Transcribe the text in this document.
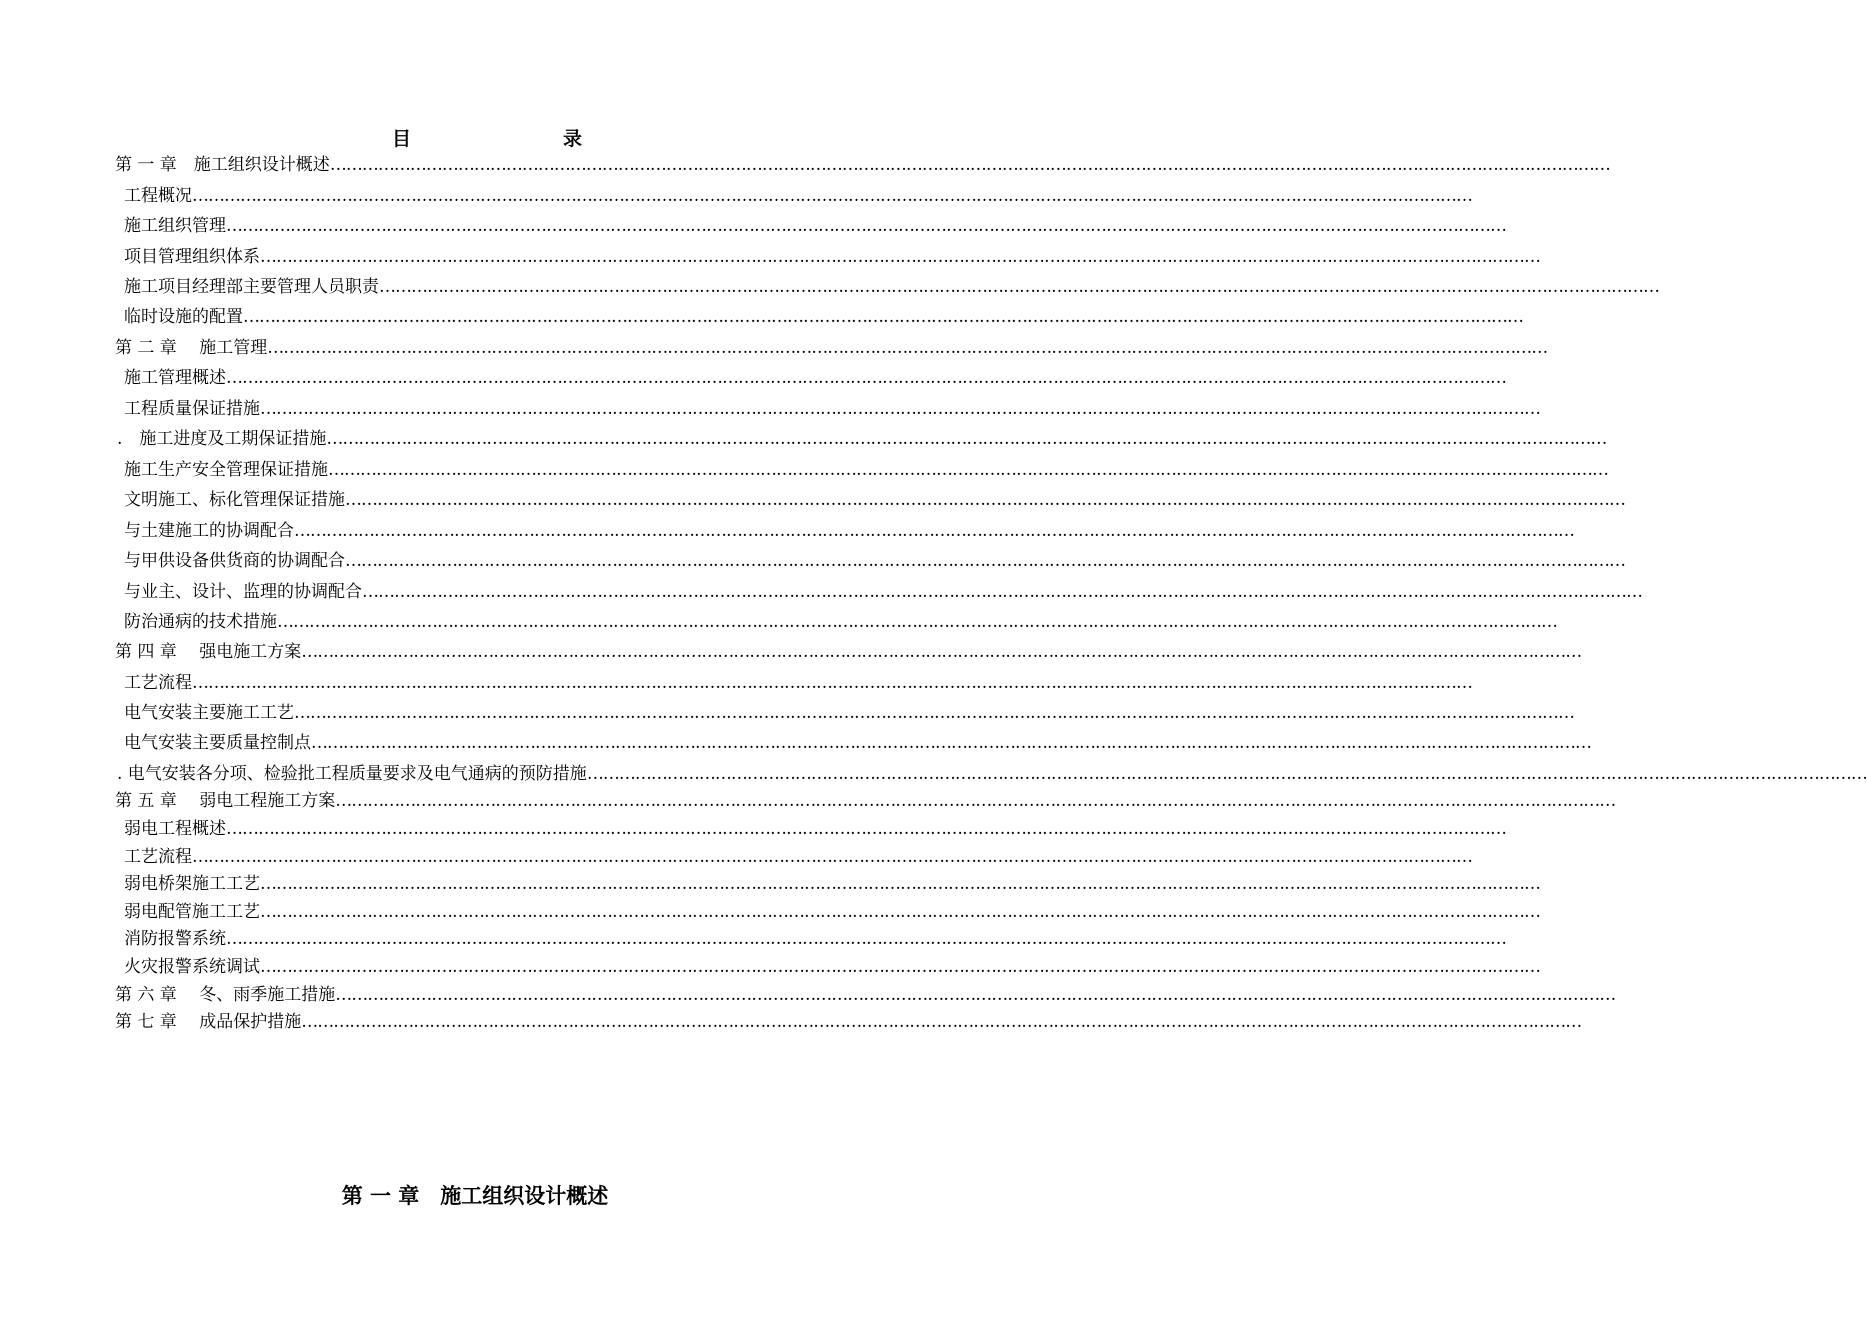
目	录
第 一 章　施工组织设计概述……………………………………………………………………………………………………………………………………………………………………………………………………………………
工程概况……………………………………………………………………………………………………………………………………………………………………………………………………………………
施工组织管理……………………………………………………………………………………………………………………………………………………………………………………………………………………
项目管理组织体系……………………………………………………………………………………………………………………………………………………………………………………………………………………
施工项目经理部主要管理人员职责……………………………………………………………………………………………………………………………………………………………………………………………………………………
临时设施的配置……………………………………………………………………………………………………………………………………………………………………………………………………………………
第 二 章　 施工管理……………………………………………………………………………………………………………………………………………………………………………………………………………………
施工管理概述……………………………………………………………………………………………………………………………………………………………………………………………………………………
工程质量保证措施……………………………………………………………………………………………………………………………………………………………………………………………………………………
.　施工进度及工期保证措施……………………………………………………………………………………………………………………………………………………………………………………………………………………
施工生产安全管理保证措施……………………………………………………………………………………………………………………………………………………………………………………………………………………
文明施工、标化管理保证措施……………………………………………………………………………………………………………………………………………………………………………………………………………………
与土建施工的协调配合……………………………………………………………………………………………………………………………………………………………………………………………………………………
与甲供设备供货商的协调配合……………………………………………………………………………………………………………………………………………………………………………………………………………………
与业主、设计、监理的协调配合……………………………………………………………………………………………………………………………………………………………………………………………………………………
防治通病的技术措施……………………………………………………………………………………………………………………………………………………………………………………………………………………
第 四 章　 强电施工方案……………………………………………………………………………………………………………………………………………………………………………………………………………………
工艺流程……………………………………………………………………………………………………………………………………………………………………………………………………………………
电气安装主要施工工艺……………………………………………………………………………………………………………………………………………………………………………………………………………………
电气安装主要质量控制点……………………………………………………………………………………………………………………………………………………………………………………………………………………
. 电气安装各分项、检验批工程质量要求及电气通病的预防措施……………………………………………………………………………………………………………………………………………………………………………………………………………………
第 五 章　 弱电工程施工方案……………………………………………………………………………………………………………………………………………………………………………………………………………………
弱电工程概述……………………………………………………………………………………………………………………………………………………………………………………………………………………
工艺流程……………………………………………………………………………………………………………………………………………………………………………………………………………………
弱电桥架施工工艺……………………………………………………………………………………………………………………………………………………………………………………………………………………
弱电配管施工工艺……………………………………………………………………………………………………………………………………………………………………………………………………………………
消防报警系统……………………………………………………………………………………………………………………………………………………………………………………………………………………
火灾报警系统调试……………………………………………………………………………………………………………………………………………………………………………………………………………………
第 六 章　 冬、雨季施工措施……………………………………………………………………………………………………………………………………………………………………………………………………………………
第 七 章　 成品保护措施……………………………………………………………………………………………………………………………………………………………………………………………………………………
第 一 章　施工组织设计概述
